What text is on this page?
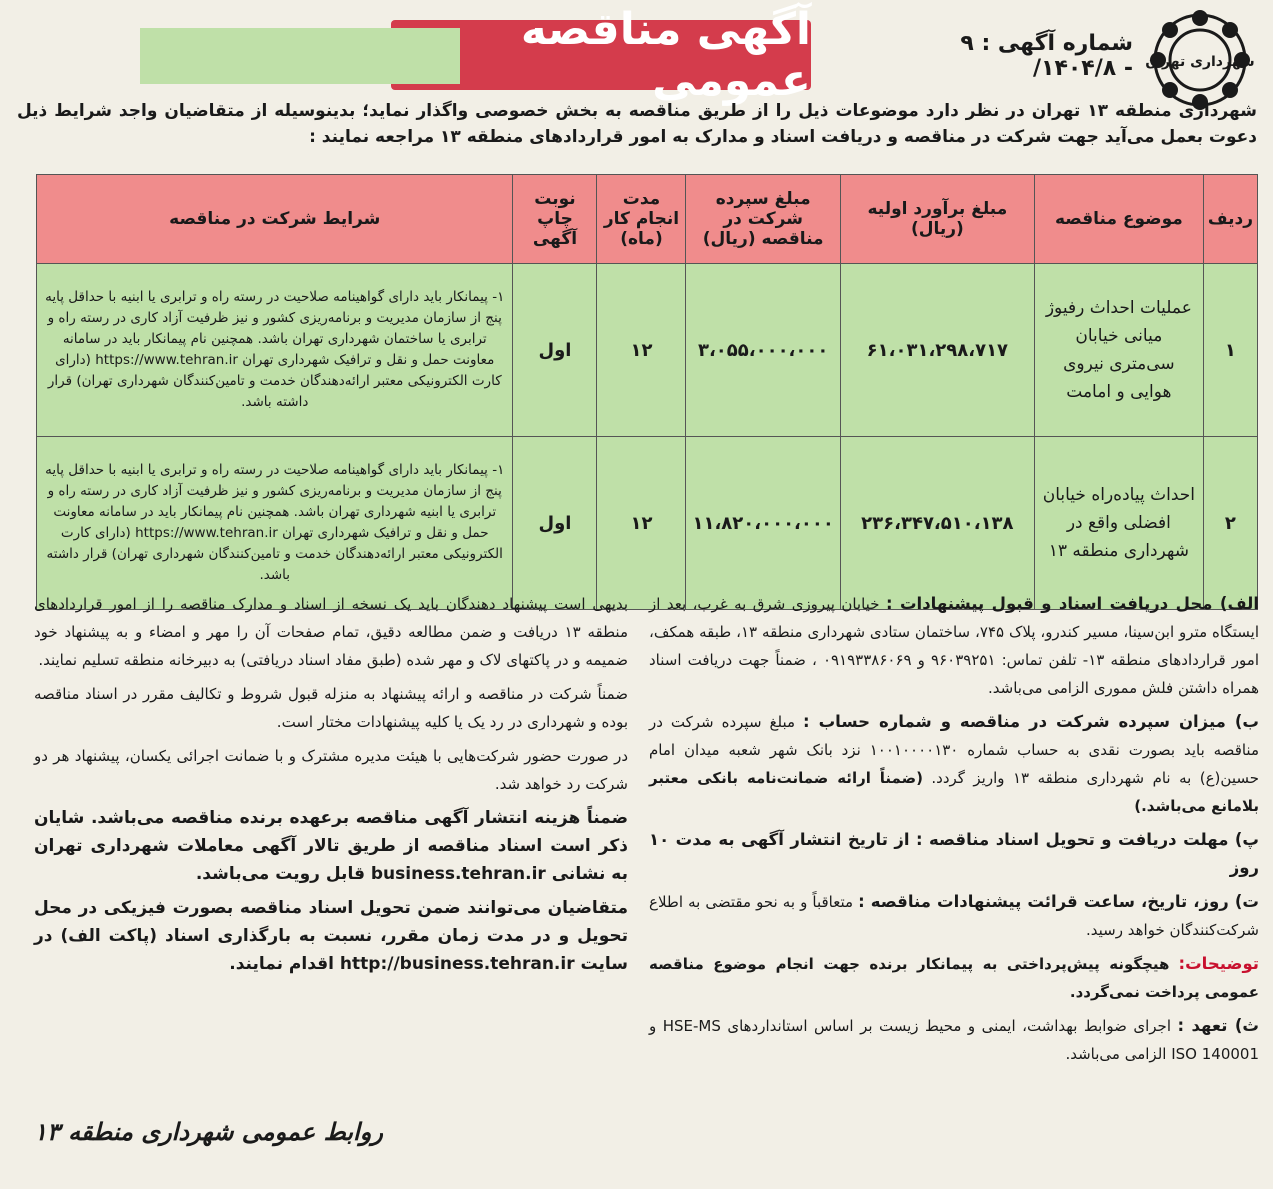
شهرداری تهران
آگهی مناقصه عمومی
شماره آگهی : ۹ - ۱۴۰۴/۸/
شهرداری منطقه ۱۳ تهران در نظر دارد موضوعات ذیل را از طریق مناقصه به بخش خصوصی واگذار نماید؛ بدینوسیله از متقاضیان واجد شرایط ذیل دعوت بعمل می‌آید جهت شرکت در مناقصه و دریافت اسناد و مدارک به امور قراردادهای منطقه ۱۳ مراجعه نمایند :
ردیف	موضوع مناقصه	مبلغ برآورد اولیه (ریال)	مبلغ سپرده شرکت در مناقصه (ریال)	مدت انجام کار (ماه)	نوبت چاپ آگهی	شرایط شرکت در مناقصه
۱	عملیات احداث رفیوژ میانی خیابان سی‌متری نیروی هوایی و امامت	۶۱،۰۳۱،۲۹۸،۷۱۷	۳،۰۵۵،۰۰۰،۰۰۰	۱۲	اول	۱- پیمانکار باید دارای گواهینامه صلاحیت در رسته راه و ترابری یا ابنیه با حداقل پایه پنج از سازمان مدیریت و برنامه‌ریزی کشور و نیز ظرفیت آزاد کاری در رسته راه و ترابری یا ساختمان شهرداری تهران باشد. همچنین نام پیمانکار باید در سامانه معاونت حمل و نقل و ترافیک شهرداری تهران https://www.tehran.ir (دارای کارت الکترونیکی معتبر ارائه‌دهندگان خدمت و تامین‌کنندگان شهرداری تهران) قرار داشته باشد.
۲	احداث پیاده‌راه خیابان افضلی واقع در شهرداری منطقه ۱۳	۲۳۶،۳۴۷،۵۱۰،۱۳۸	۱۱،۸۲۰،۰۰۰،۰۰۰	۱۲	اول	۱- پیمانکار باید دارای گواهینامه صلاحیت در رسته راه و ترابری یا ابنیه با حداقل پایه پنج از سازمان مدیریت و برنامه‌ریزی کشور و نیز ظرفیت آزاد کاری در رسته راه و ترابری یا ابنیه شهرداری تهران باشد. همچنین نام پیمانکار باید در سامانه معاونت حمل و نقل و ترافیک شهرداری تهران https://www.tehran.ir (دارای کارت الکترونیکی معتبر ارائه‌دهندگان خدمت و تامین‌کنندگان شهرداری تهران) قرار داشته باشد.
الف) محل دریافت اسناد و قبول پیشنهادات : خیابان پیروزی شرق به غرب، بعد از ایستگاه مترو ابن‌سینا، مسیر کندرو، پلاک ۷۴۵، ساختمان ستادی شهرداری منطقه ۱۳، طبقه همکف، امور قراردادهای منطقه ۱۳- تلفن تماس: ۹۶۰۳۹۲۵۱ و ۰۹۱۹۳۳۸۶۰۶۹ ، ضمناً جهت دریافت اسناد همراه داشتن فلش مموری الزامی می‌باشد.
ب) میزان سپرده شرکت در مناقصه و شماره حساب : مبلغ سپرده شرکت در مناقصه باید بصورت نقدی به حساب شماره ۱۰۰۱۰۰۰۰۱۳۰ نزد بانک شهر شعبه میدان امام حسین(ع) به نام شهرداری منطقه ۱۳ واریز گردد. (ضمناً ارائه ضمانت‌نامه بانکی معتبر بلامانع می‌باشد.)
پ) مهلت دریافت و تحویل اسناد مناقصه : از تاریخ انتشار آگهی به مدت ۱۰ روز
ت) روز، تاریخ، ساعت قرائت پیشنهادات مناقصه : متعاقباً و به نحو مقتضی به اطلاع شرکت‌کنندگان خواهد رسید.
توضیحات: هیچگونه پیش‌پرداختی به پیمانکار برنده جهت انجام موضوع مناقصه عمومی پرداخت نمی‌گردد.
ث) تعهد : اجرای ضوابط بهداشت، ایمنی و محیط زیست بر اساس استانداردهای HSE-MS و ISO 140001 الزامی می‌باشد.
بدیهی است پیشنهاد دهندگان باید یک نسخه از اسناد و مدارک مناقصه را از امور قراردادهای منطقه ۱۳ دریافت و ضمن مطالعه دقیق، تمام صفحات آن را مهر و امضاء و به پیشنهاد خود ضمیمه و در پاکتهای لاک و مهر شده (طبق مفاد اسناد دریافتی) به دبیرخانه منطقه تسلیم نمایند.
ضمناً شرکت در مناقصه و ارائه پیشنهاد به منزله قبول شروط و تکالیف مقرر در اسناد مناقصه بوده و شهرداری در رد یک یا کلیه پیشنهادات مختار است.
در صورت حضور شرکت‌هایی با هیئت مدیره مشترک و با ضمانت اجرائی یکسان، پیشنهاد هر دو شرکت رد خواهد شد.
ضمناً هزینه انتشار آگهی مناقصه برعهده برنده مناقصه می‌باشد. شایان ذکر است اسناد مناقصه از طریق تالار آگهی معاملات شهرداری تهران به نشانی business.tehran.ir قابل رویت می‌باشد.
متقاضیان می‌توانند ضمن تحویل اسناد مناقصه بصورت فیزیکی در محل تحویل و در مدت زمان مقرر، نسبت به بارگذاری اسناد (پاکت الف) در سایت http://business.tehran.ir اقدام نمایند.
روابط عمومی شهرداری منطقه ۱۳
